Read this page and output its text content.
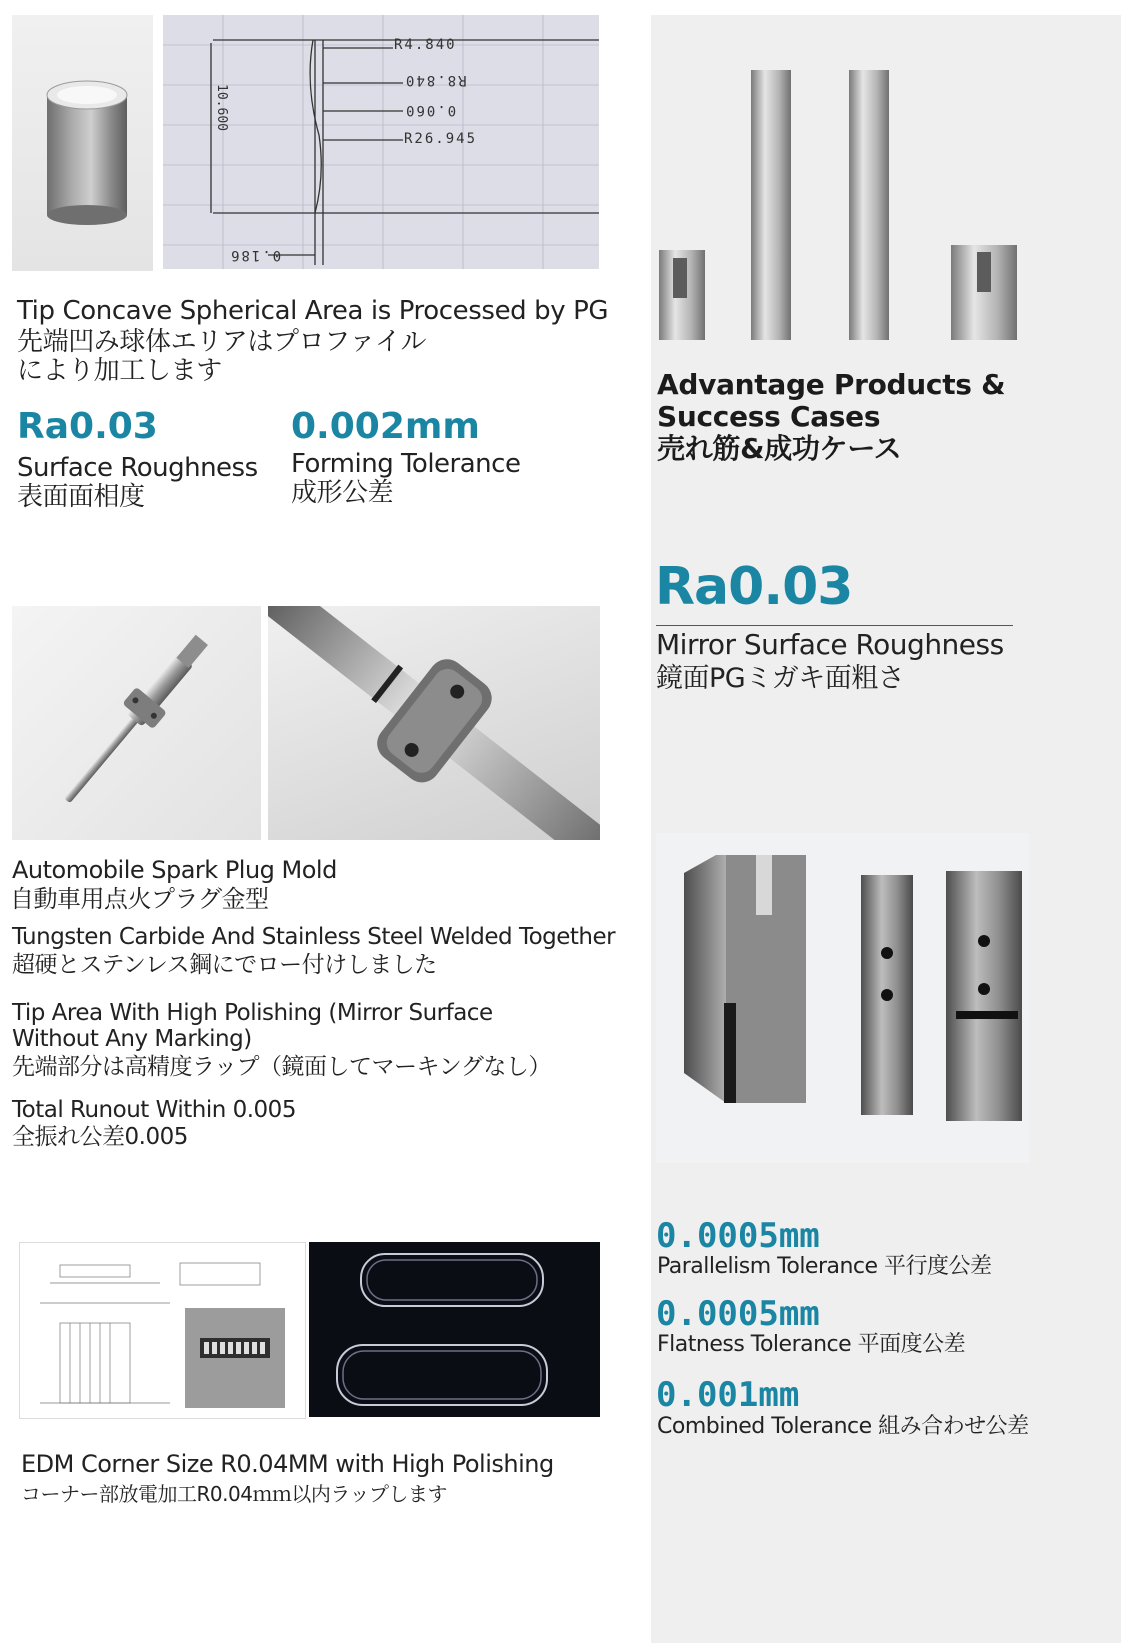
R4.840
R8.840
0.060
R26.945
10.600
0.186
Tip Concave Spherical Area is Processed by PG
先端凹み球体エリアはプロファイル
により加工します
Ra0.03
Surface Roughness
表面面相度
0.002mm
Forming Tolerance
成形公差
Automobile Spark Plug Mold
自動車用点火プラグ金型
Tungsten Carbide And Stainless Steel Welded Together
超硬とステンレス鋼にでロー付けしました
Tip Area With High Polishing (Mirror Surface
Without Any Marking)
先端部分は高精度ラップ（鏡面してマーキングなし）
Total Runout Within 0.005
全振れ公差0.005
EDM Corner Size R0.04MM with High Polishing
コーナー部放電加工R0.04ｍｍ以内ラップします
Advantage Products &
Success Cases
売れ筋&成功ケース
Ra0.03
Mirror Surface Roughness
鏡面PGミガキ面粗さ
0.0005mm
Parallelism Tolerance 平行度公差
0.0005mm
Flatness Tolerance 平面度公差
0.001mm
Combined Tolerance 組み合わせ公差
